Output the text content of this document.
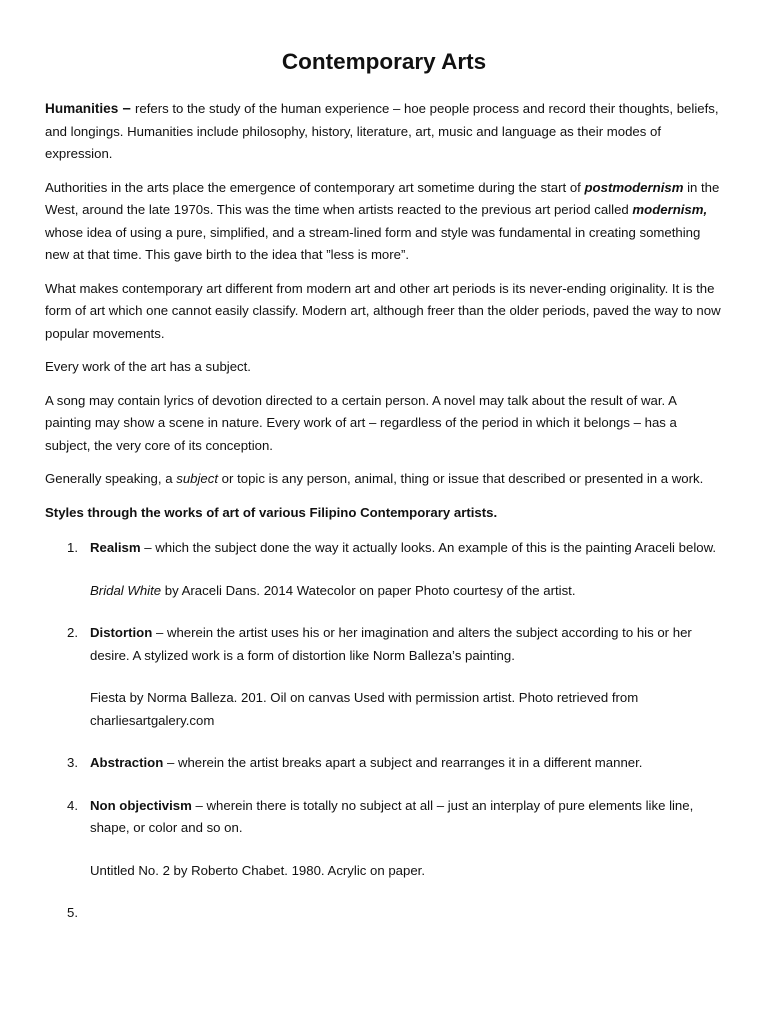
Contemporary Arts

Humanities – refers to the study of the human experience – hoe people process and record their thoughts, beliefs, and longings. Humanities include philosophy, history, literature, art, music and language as their modes of expression.

Authorities in the arts place the emergence of contemporary art sometime during the start of postmodernism in the West, around the late 1970s. This was the time when artists reacted to the previous art period called modernism, whose idea of using a pure, simplified, and a stream-lined form and style was fundamental in creating something new at that time. This gave birth to the idea that ”less is more”.

What makes contemporary art different from modern art and other art periods is its never-ending originality. It is the form of art which one cannot easily classify. Modern art, although freer than the older periods, paved the way to now popular movements.

Every work of the art has a subject.

A song may contain lyrics of devotion directed to a certain person. A novel may talk about the result of war. A painting may show a scene in nature. Every work of art – regardless of the period in which it belongs – has a subject, the very core of its conception.

Generally speaking, a subject or topic is any person, animal, thing or issue that described or presented in a work.

Styles through the works of art of various Filipino Contemporary artists.

1. Realism – which the subject done the way it actually looks. An example of this is the painting Araceli below.
Bridal White by Araceli Dans. 2014 Watecolor on paper Photo courtesy of the artist.
2. Distortion – wherein the artist uses his or her imagination and alters the subject according to his or her desire. A stylized work is a form of distortion like Norm Balleza’s painting.
Fiesta by Norma Balleza. 201. Oil on canvas Used with permission artist. Photo retrieved from charliesartgalery.com
3. Abstraction – wherein the artist breaks apart a subject and rearranges it in a different manner.
4. Non objectivism – wherein there is totally no subject at all – just an interplay of pure elements like line, shape, or color and so on.
Untitled No. 2 by Roberto Chabet. 1980. Acrylic on paper.
5.
